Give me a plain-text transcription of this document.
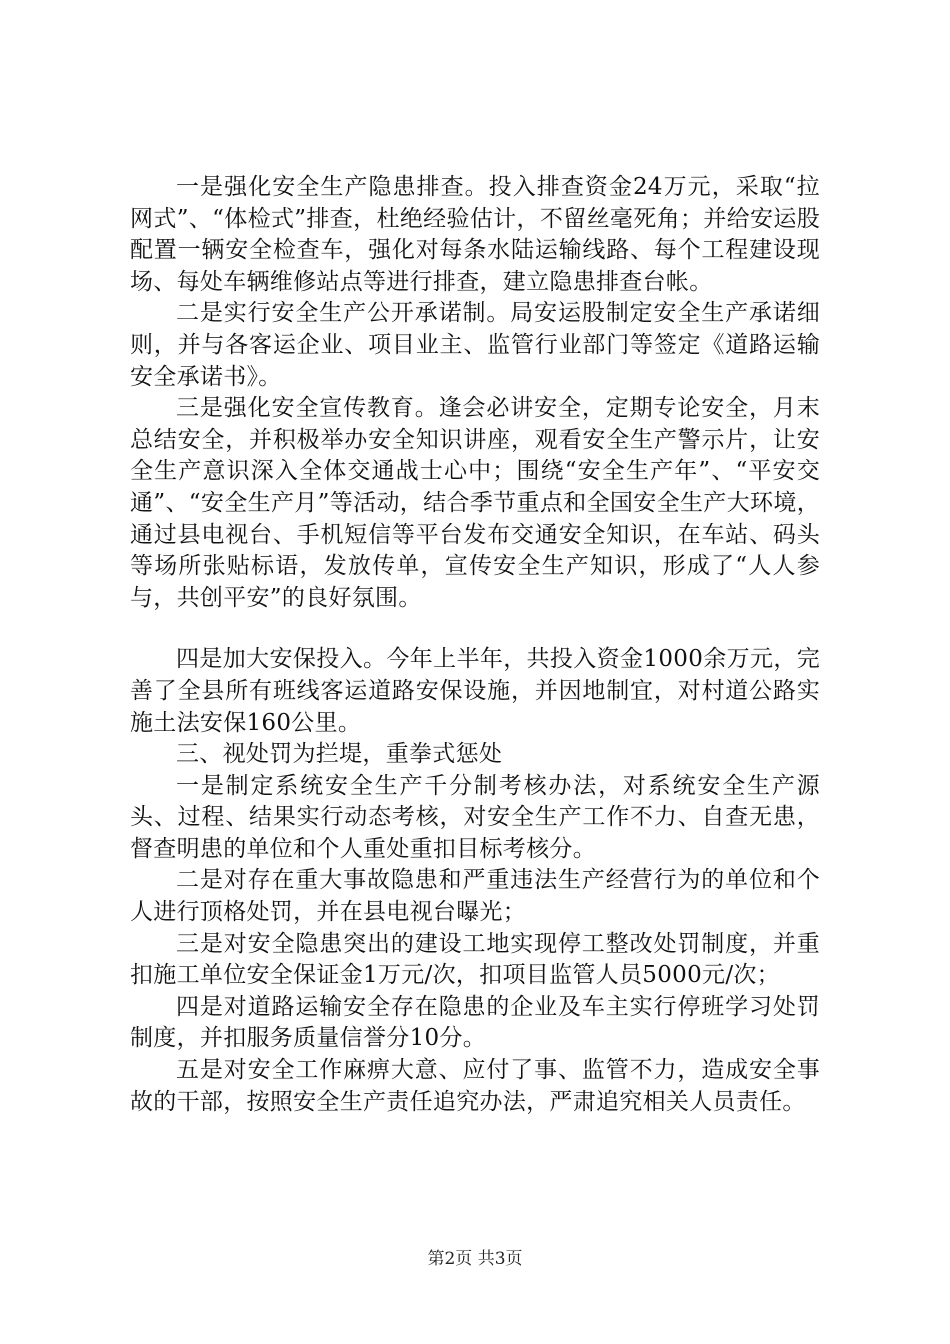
一是强化安全生产隐患排查。投入排查资金24万元，采取“拉网式”、“体检式”排查，杜绝经验估计，不留丝毫死角；并给安运股配置一辆安全检查车，强化对每条水陆运输线路、每个工程建设现场、每处车辆维修站点等进行排查，建立隐患排查台帐。

二是实行安全生产公开承诺制。局安运股制定安全生产承诺细则，并与各客运企业、项目业主、监管行业部门等签定《道路运输安全承诺书》。

三是强化安全宣传教育。逢会必讲安全，定期专论安全，月末总结安全，并积极举办安全知识讲座，观看安全生产警示片，让安全生产意识深入全体交通战士心中；围绕“安全生产年”、“平安交通”、“安全生产月”等活动，结合季节重点和全国安全生产大环境，通过县电视台、手机短信等平台发布交通安全知识，在车站、码头等场所张贴标语，发放传单，宣传安全生产知识，形成了“人人参与，共创平安”的良好氛围。

四是加大安保投入。今年上半年，共投入资金1000余万元，完善了全县所有班线客运道路安保设施，并因地制宜，对村道公路实施土法安保160公里。

三、视处罚为拦堤，重拳式惩处

一是制定系统安全生产千分制考核办法，对系统安全生产源头、过程、结果实行动态考核，对安全生产工作不力、自查无患，督查明患的单位和个人重处重扣目标考核分。

二是对存在重大事故隐患和严重违法生产经营行为的单位和个人进行顶格处罚，并在县电视台曝光；

三是对安全隐患突出的建设工地实现停工整改处罚制度，并重扣施工单位安全保证金1万元/次，扣项目监管人员5000元/次；

四是对道路运输安全存在隐患的企业及车主实行停班学习处罚制度，并扣服务质量信誉分10分。

五是对安全工作麻痹大意、应付了事、监管不力，造成安全事故的干部，按照安全生产责任追究办法，严肃追究相关人员责任。

第2页 共3页
